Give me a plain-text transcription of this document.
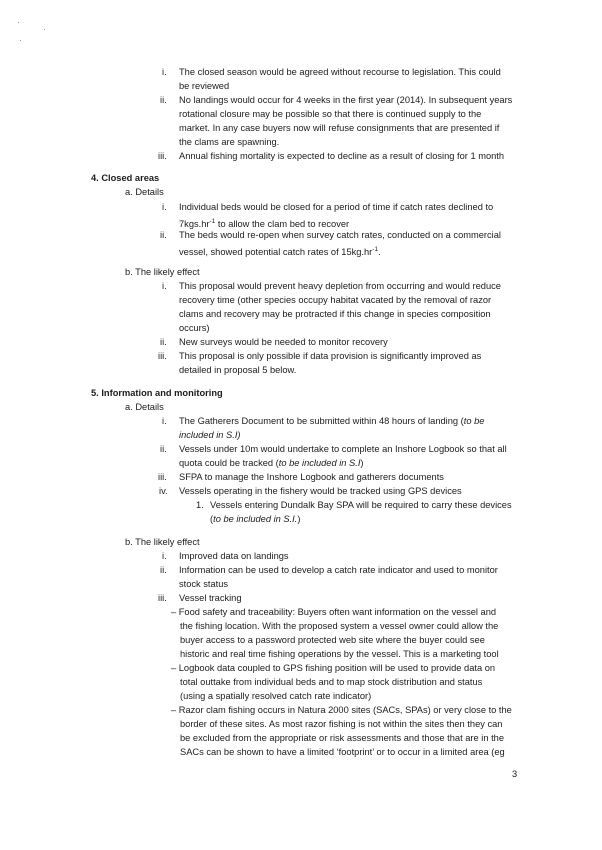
i. The closed season would be agreed without recourse to legislation. This could
be reviewed
ii. No landings would occur for 4 weeks in the first year (2014). In subsequent years
rotational closure may be possible so that there is continued supply to the
market. In any case buyers now will refuse consignments that are presented if
the clams are spawning.
iii. Annual fishing mortality is expected to decline as a result of closing for 1 month
4. Closed areas
a. Details
i. Individual beds would be closed for a period of time if catch rates declined to
$7kgs.hr^{-1}$ to allow the clam bed to recover
ii. The beds would re-open when survey catch rates, conducted on a commercial
vessel, showed potential catch rates of $15kg.hr^{-1}$.
b. The likely effect
i. This proposal would prevent heavy depletion from occurring and would reduce
recovery time (other species occupy habitat vacated by the removal of razor
clams and recovery may be protracted if this change in species composition
occurs)
ii. New surveys would be needed to monitor recovery
iii. This proposal is only possible if data provision is significantly improved as
detailed in proposal 5 below.
5. Information and monitoring
a. Details
i. The Gatherers Document to be submitted within 48 hours of landing (to be
included in S.I)
ii. Vessels under 10m would undertake to complete an Inshore Logbook so that all
quota could be tracked (to be included in S.I)
iii. SFPA to manage the Inshore Logbook and gatherers documents
iv. Vessels operating in the fishery would be tracked using GPS devices
1. Vessels entering Dundalk Bay SPA will be required to carry these devices
(to be included in S.I.)
b. The likely effect
i. Improved data on landings
ii. Information can be used to develop a catch rate indicator and used to monitor
stock status
iii. Vessel tracking
– Food safety and traceability: Buyers often want information on the vessel and
the fishing location. With the proposed system a vessel owner could allow the
buyer access to a password protected web site where the buyer could see
historic and real time fishing operations by the vessel. This is a marketing tool
– Logbook data coupled to GPS fishing position will be used to provide data on
total outtake from individual beds and to map stock distribution and status
(using a spatially resolved catch rate indicator)
– Razor clam fishing occurs in Natura 2000 sites (SACs, SPAs) or very close to the
border of these sites. As most razor fishing is not within the sites then they can
be excluded from the appropriate or risk assessments and those that are in the
SACs can be shown to have a limited ‘footprint’ or to occur in a limited area (eg
3
